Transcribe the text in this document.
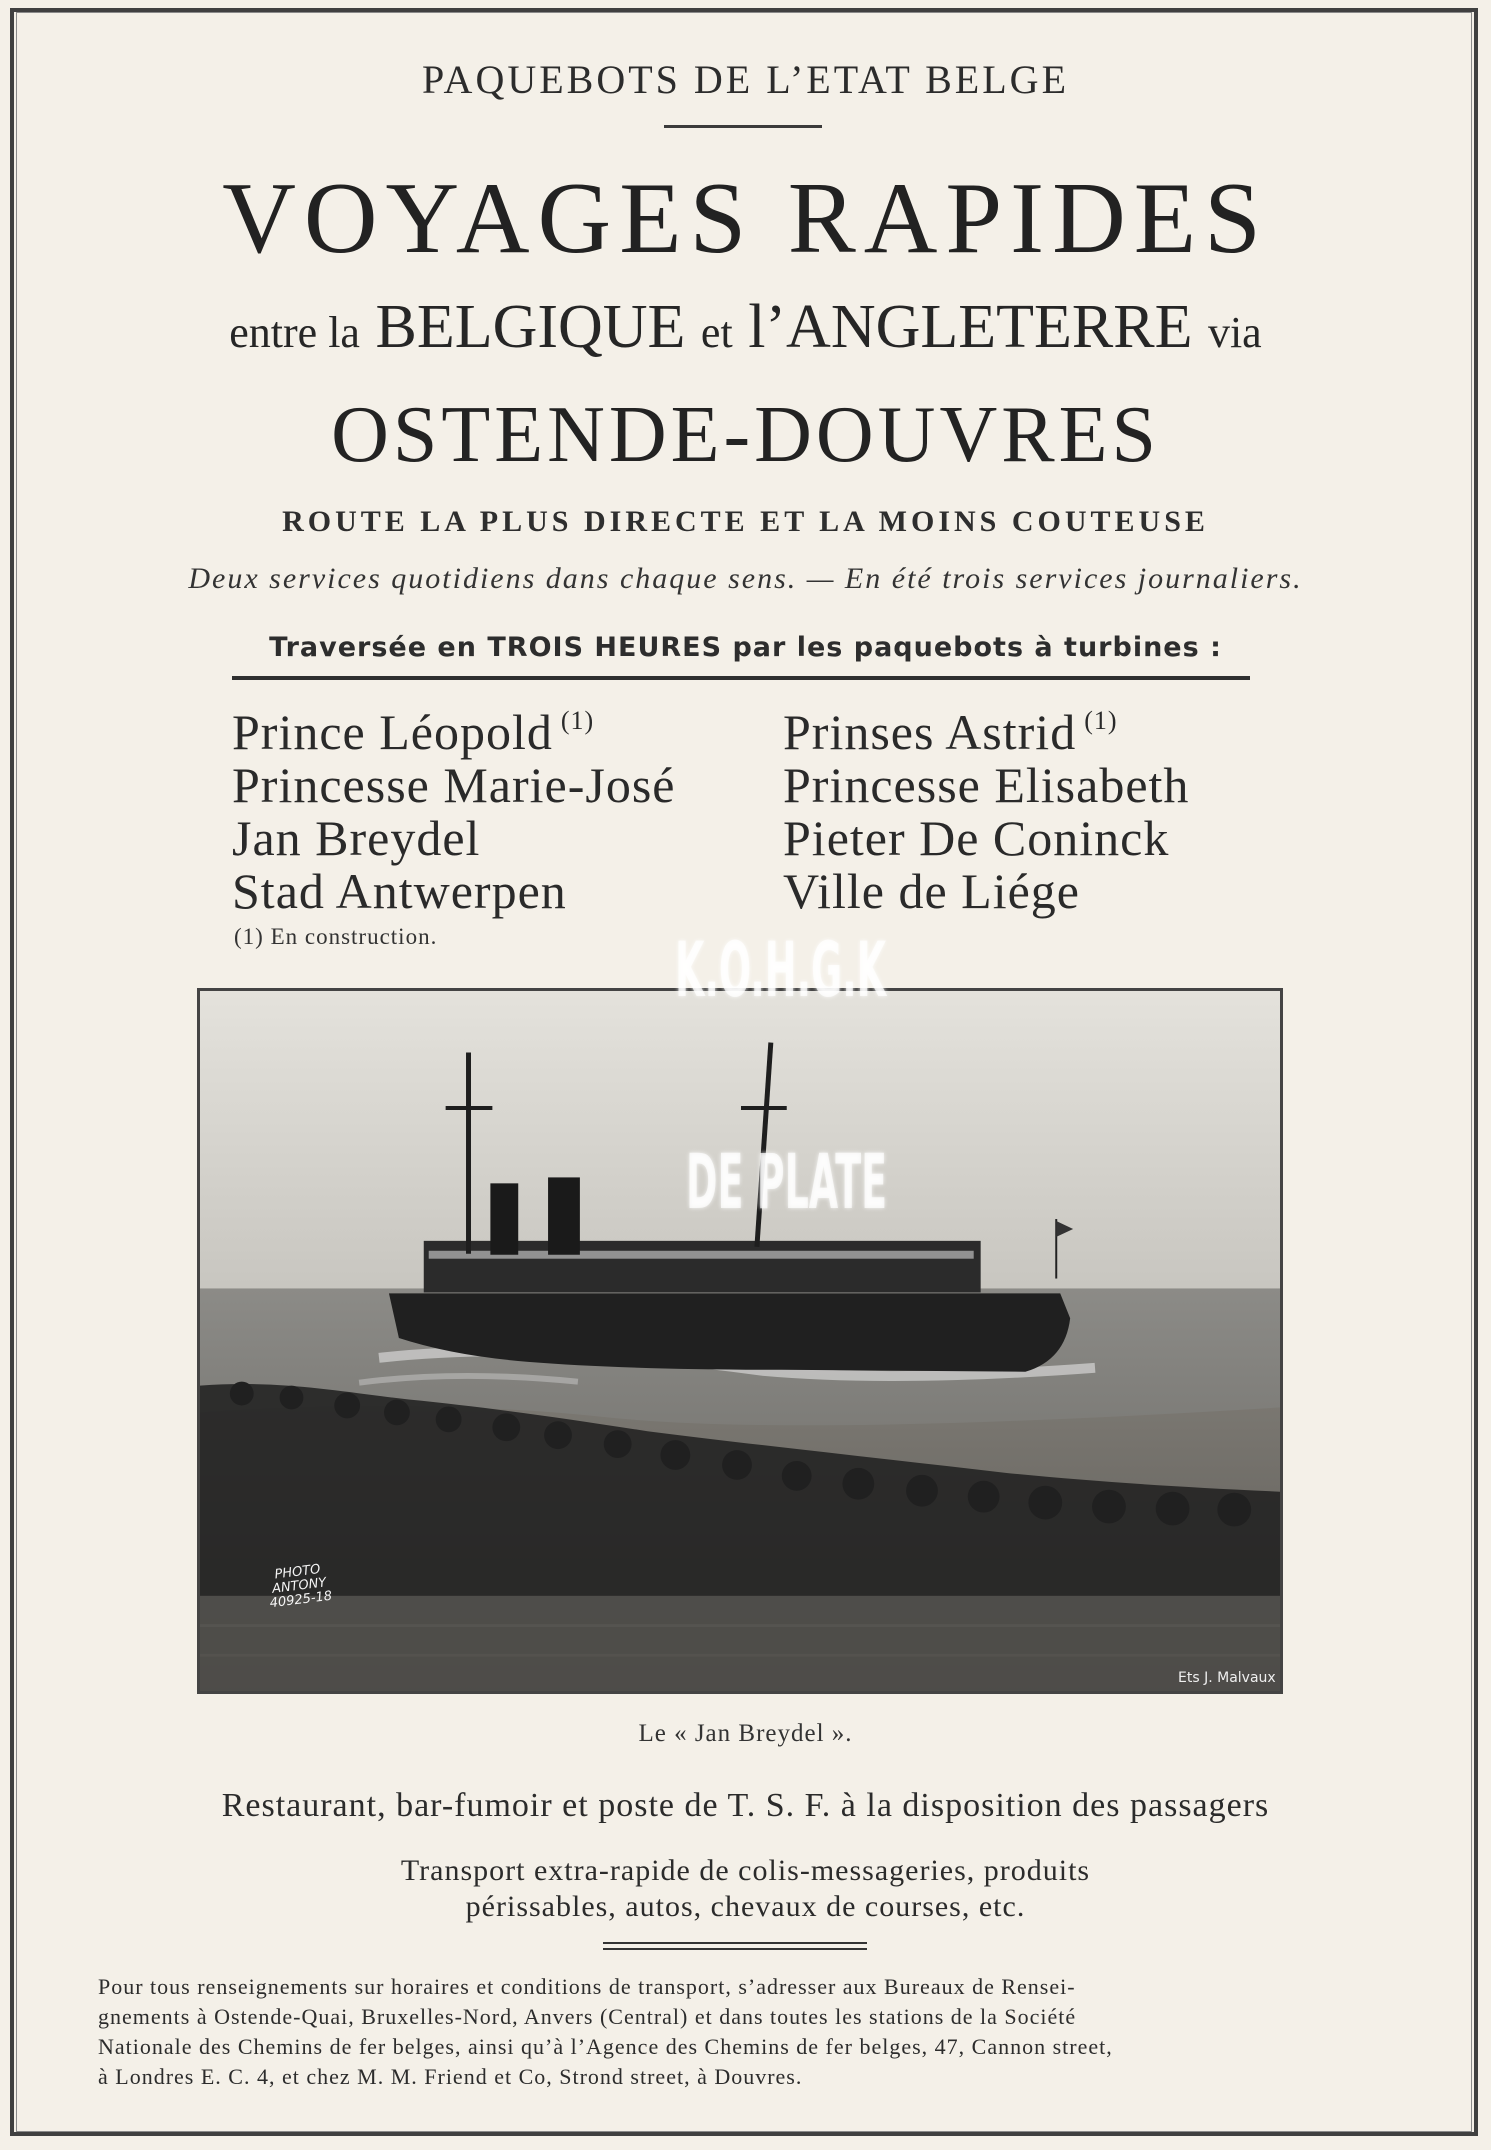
PAQUEBOTS DE L’ETAT BELGE
VOYAGES RAPIDES
entre la BELGIQUE et l’ANGLETERRE via
OSTENDE-DOUVRES
ROUTE LA PLUS DIRECTE ET LA MOINS COUTEUSE
Deux services quotidiens dans chaque sens. — En été trois services journaliers.
Traversée en TROIS HEURES par les paquebots à turbines :
Prince Léopold $^{(1)}$
Princesse Marie-José
Jan Breydel
Stad Antwerpen
Prinses Astrid $^{(1)}$
Princesse Elisabeth
Pieter De Coninck
Ville de Liége
(1) En construction.
PHOTO ANTONY 40925-18
Ets J. Malvaux
K.O.H.G.K
DE PLATE
Le « Jan Breydel ».
Restaurant, bar-fumoir et poste de T. S. F. à la disposition des passagers
Transport extra-rapide de colis-messageries, produits
périssables, autos, chevaux de courses, etc.
Pour tous renseignements sur horaires et conditions de transport, s’adresser aux Bureaux de Rensei-
gnements à Ostende-Quai, Bruxelles-Nord, Anvers (Central) et dans toutes les stations de la Société
Nationale des Chemins de fer belges, ainsi qu’à l’Agence des Chemins de fer belges, 47, Cannon street,
à Londres E. C. 4, et chez M. M. Friend et Co, Strond street, à Douvres.
